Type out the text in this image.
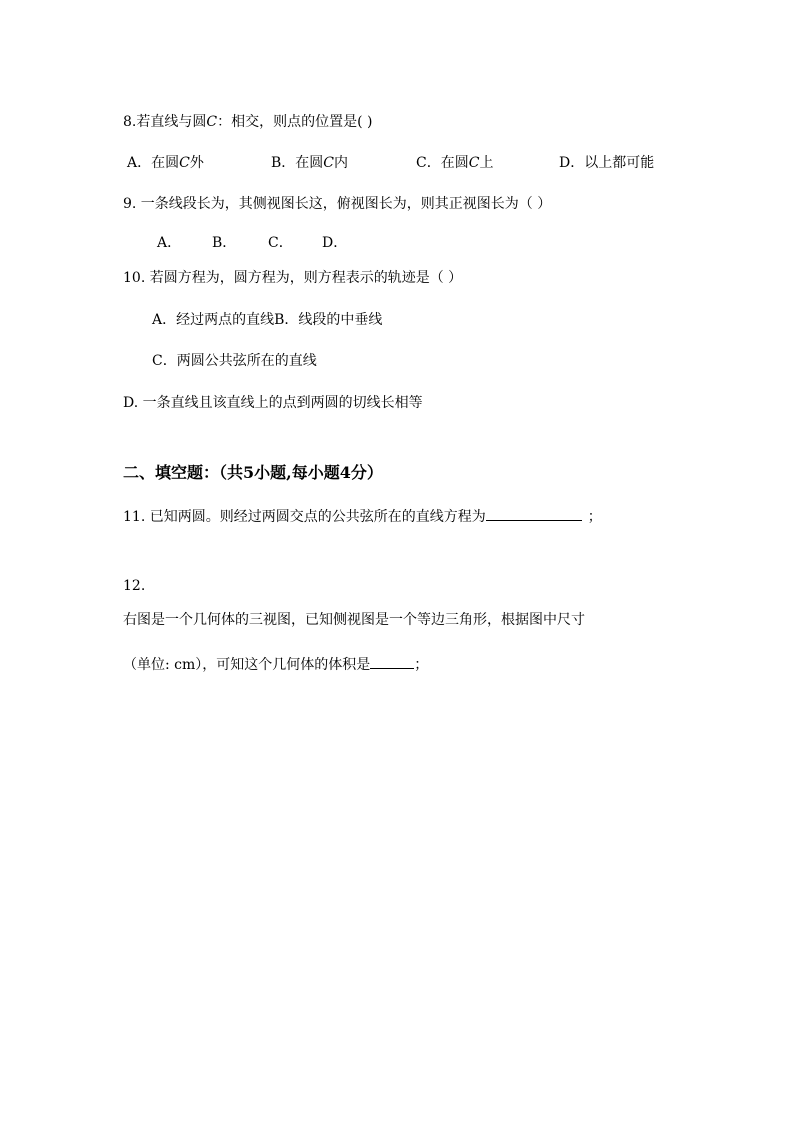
8.若直线与圆C：相交，则点的位置是( )
A．在圆C外	B．在圆C内	C．在圆C上	D．以上都可能
9. 一条线段长为，其侧视图长这，俯视图长为，则其正视图长为（ ）
A． B． C． D．
10. 若圆方程为，圆方程为，则方程表示的轨迹是（ ）
A．经过两点的直线B．线段的中垂线
C．两圆公共弦所在的直线
D. 一条直线且该直线上的点到两圆的切线长相等
二、填空题：（共5小题,每小题4分）
11. 已知两圆。则经过两圆交点的公共弦所在的直线方程为	；
12.
右图是一个几何体的三视图，已知侧视图是一个等边三角形，根据图中尺寸
（单位: cm），可知这个几何体的体积是	；
